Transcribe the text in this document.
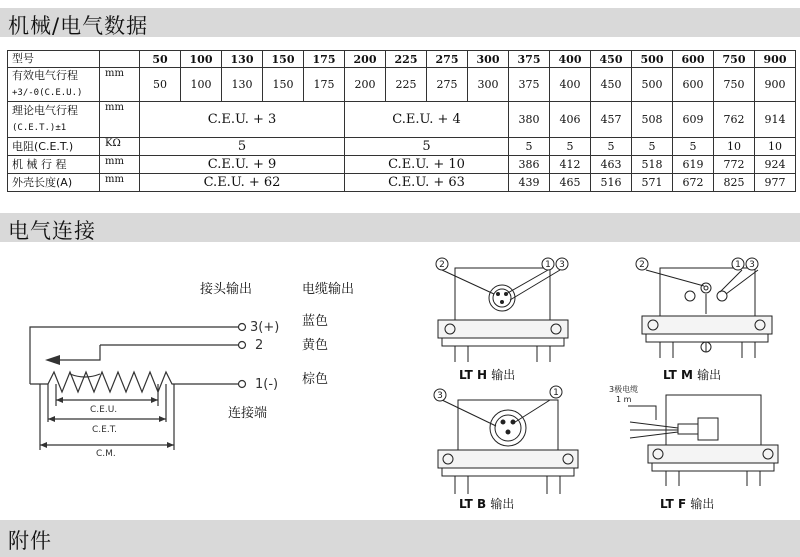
机械/电气数据
电气连接
附件
型号		50	100	130	150	175	200	225	275	300	375	400	450	500	600	750	900
有效电气行程
+3/-0(C.E.U.)	mm	50	100	130	150	175	200	225	275	300	375	400	450	500	600	750	900
理论电气行程
(C.E.T.)±1	mm	C.E.U. + 3					C.E.U. + 4				380	406	457	508	609	762	914
电阻(C.E.T.)	KΩ	5					5				5	5	5	5	5	10	10
机 械 行 程	mm	C.E.U. + 9					C.E.U. + 10				386	412	463	518	619	772	924
外壳长度(A)	mm	C.E.U. + 62					C.E.U. + 63				439	465	516	571	672	825	977
接头输出	电缆输出
蓝色
黄色
棕色
连接端
3(+)
2
1(-)
C.E.U.
C.E.T.
C.M.
2	1 3	2	1 3
3	1	3极电缆
1 m
LT H 输出	LT M 输出
LT B 输出	LT F 输出
